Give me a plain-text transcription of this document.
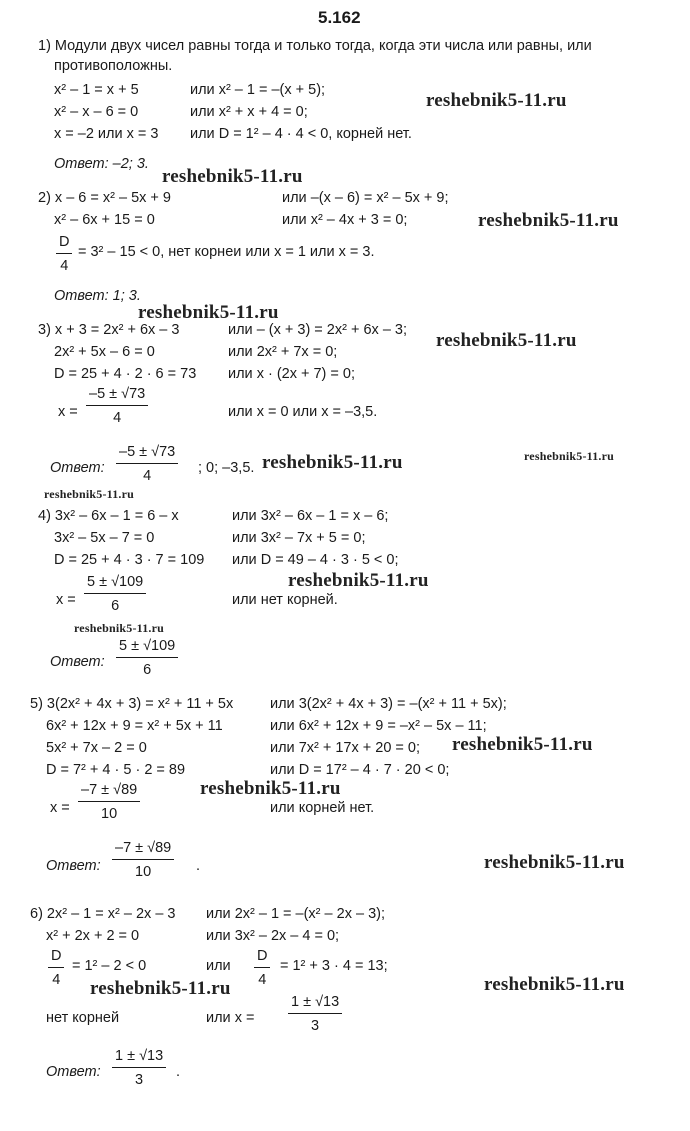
5.162
1) Модули двух чисел равны тогда и только тогда, когда эти числа или равны, или
противоположны.
x² – 1 = x + 5	или x² – 1 = –(x + 5);
x² – x – 6 = 0	или x² + x + 4 = 0;
x = –2 или x = 3 или D = 1² – 4 · 4 < 0, корней нет.
Ответ: –2; 3.
2) x – 6 = x² – 5x + 9	или –(x – 6) = x² – 5x + 9;
x² – 6x + 15 = 0	или x² – 4x + 3 = 0;
$\frac{D}{4} = 3^2 - 15 < 0$, нет корнеи или x = 1 или x = 3.
Ответ: 1; 3.
3) x + 3 = 2x² + 6x – 3	или – (x + 3) = 2x² + 6x – 3;
2x² + 5x – 6 = 0	или 2x² + 7x = 0;
D = 25 + 4 · 2 · 6 = 73 или x · (2x + 7) = 0;
$x = \frac{-5 \pm √73}{4}$	или x = 0 или x = –3,5.
Ответ: $\frac{-5 \pm √73}{4}$ ; 0; –3,5.
4) 3x² – 6x – 1 = 6 – x	или 3x² – 6x – 1 = x – 6;
3x² – 5x – 7 = 0	или 3x² – 7x + 5 = 0;
D = 25 + 4 · 3 · 7 = 109 или D = 49 – 4 · 3 · 5 < 0;
$x = \frac{5 \pm √109}{6}$	или нет корней.
Ответ: $\frac{5 \pm √109}{6}$
5) 3(2x² + 4x + 3) = x² + 11 + 5x	или 3(2x² + 4x + 3) = –(x² + 11 + 5x);
6x² + 12x + 9 = x² + 5x + 11	или 6x² + 12x + 9 = –x² – 5x – 11;
5x² + 7x – 2 = 0	или 7x² + 17x + 20 = 0;
D = 7² + 4 · 5 · 2 = 89	или D = 17² – 4 · 7 · 20 < 0;
$x = \frac{-7 \pm √89}{10}$	или корней нет.
Ответ: $\frac{-7 \pm √89}{10}$ .
6) 2x² – 1 = x² – 2x – 3 или 2x² – 1 = –(x² – 2x – 3);
x² + 2x + 2 = 0	или 3x² – 2x – 4 = 0;
$\frac{D}{4} = 1^2 - 2 < 0$	или $\frac{D}{4} = 1^2 + 3 \cdot 4 = 13$;
нет корней	или $x = \frac{1 \pm √13}{3}$
Ответ: $\frac{1 \pm √13}{3}$ .
reshebnik5-11.ru
reshebnik5-11.ru
reshebnik5-11.ru
reshebnik5-11.ru
reshebnik5-11.ru
reshebnik5-11.ru	reshebnik5-11.ru
reshebnik5-11.ru
reshebnik5-11.ru
reshebnik5-11.ru
reshebnik5-11.ru
reshebnik5-11.ru
reshebnik5-11.ru
reshebnik5-11.ru	reshebnik5-11.ru
